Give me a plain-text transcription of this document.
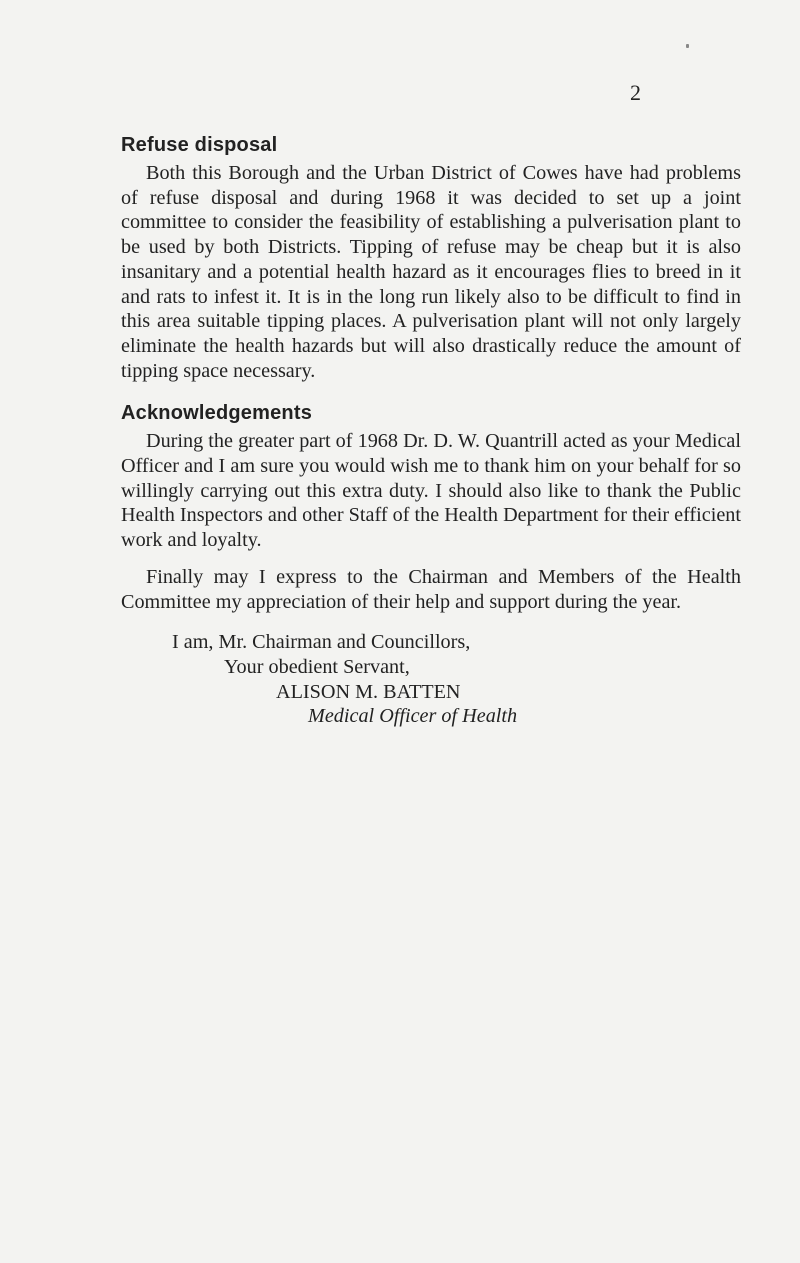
2
Refuse disposal

Both this Borough and the Urban District of Cowes have had problems of refuse disposal and during 1968 it was decided to set up a joint committee to consider the feasibility of establishing a pulverisation plant to be used by both Districts. Tipping of refuse may be cheap but it is also insanitary and a potential health hazard as it encourages flies to breed in it and rats to infest it. It is in the long run likely also to be difficult to find in this area suitable tipping places. A pulverisation plant will not only largely eliminate the health hazards but will also drastically reduce the amount of tipping space necessary.

Acknowledgements

During the greater part of 1968 Dr. D. W. Quantrill acted as your Medical Officer and I am sure you would wish me to thank him on your behalf for so willingly carrying out this extra duty. I should also like to thank the Public Health Inspectors and other Staff of the Health Department for their efficient work and loyalty.

Finally may I express to the Chairman and Members of the Health Committee my appreciation of their help and support during the year.

I am, Mr. Chairman and Councillors,
Your obedient Servant,
ALISON M. BATTEN
Medical Officer of Health
